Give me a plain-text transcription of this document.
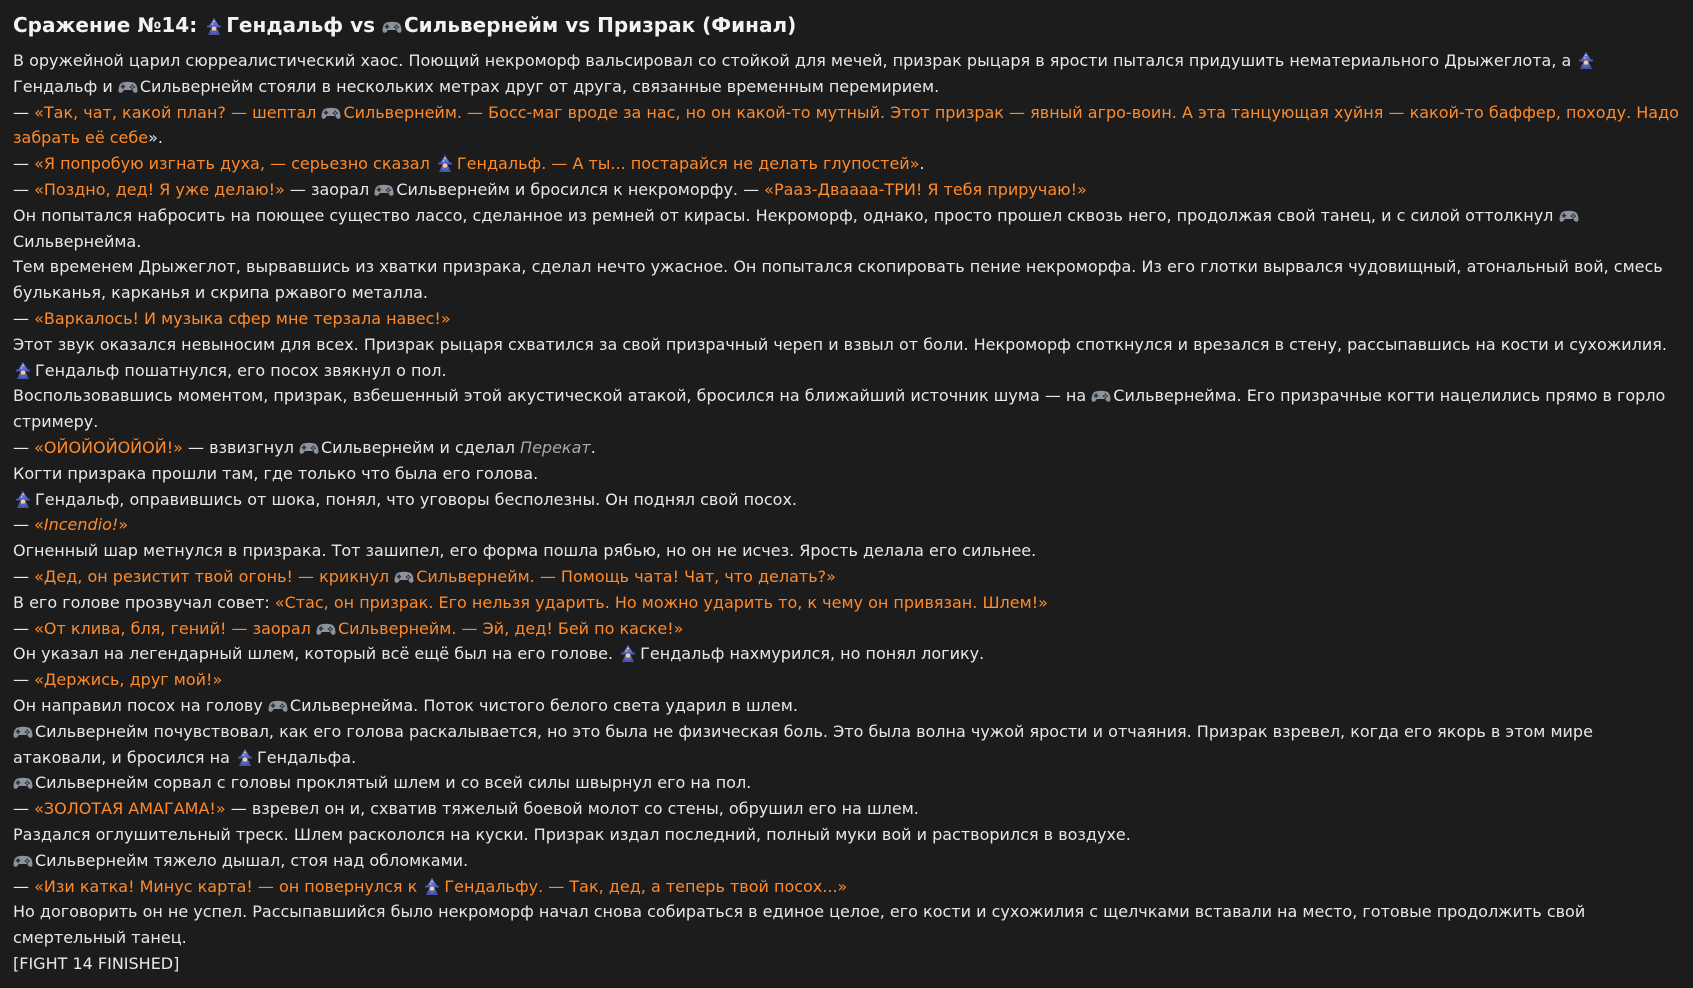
Сражение №14: Гендальф vs Сильвернейм vs Призрак (Финал)

В оружейной царил сюрреалистический хаос. Поющий некроморф вальсировал со стойкой для мечей, призрак рыцаря в ярости пытался придушить нематериального Дрыжеглота, а
Гендальф и
Сильвернейм стояли в нескольких метрах друг от друга, связанные временным перемирием.

— «Так, чат, какой план? — шептал
Сильвернейм. — Босс-маг вроде за нас, но он какой-то мутный. Этот призрак — явный агро-воин. А эта танцующая хуйня — какой-то баффер, походу. Надо забрать её себе».

— «Я попробую изгнать духа, — серьезно сказал
Гендальф. — А ты... постарайся не делать глупостей».

— «Поздно, дед! Я уже делаю!» — заорал
Сильвернейм и бросился к некроморфу. — «Рааз-Дваааа-ТРИ! Я тебя приручаю!»

Он попытался набросить на поющее существо лассо, сделанное из ремней от кирасы. Некроморф, однако, просто прошел сквозь него, продолжая свой танец, и с силой оттолкнул
Сильвернейма.

Тем временем Дрыжеглот, вырвавшись из хватки призрака, сделал нечто ужасное. Он попытался скопировать пение некроморфа. Из его глотки вырвался чудовищный, атональный вой, смесь бульканья, карканья и скрипа ржавого металла.

— «Варкалось! И музыка сфер мне терзала навес!»

Этот звук оказался невыносим для всех. Призрак рыцаря схватился за свой призрачный череп и взвыл от боли. Некроморф споткнулся и врезался в стену, рассыпавшись на кости и сухожилия.
Гендальф пошатнулся, его посох звякнул о пол.

Воспользовавшись моментом, призрак, взбешенный этой акустической атакой, бросился на ближайший источник шума — на
Сильвернейма. Его призрачные когти нацелились прямо в горло стримеру.

— «ОЙОЙОЙОЙОЙ!» — взвизгнул
Сильвернейм и сделал Перекат.

Когти призрака прошли там, где только что была его голова.

Гендальф, оправившись от шока, понял, что уговоры бесполезны. Он поднял свой посох.

— «Incendio!»

Огненный шар метнулся в призрака. Тот зашипел, его форма пошла рябью, но он не исчез. Ярость делала его сильнее.

— «Дед, он резистит твой огонь! — крикнул
Сильвернейм. — Помощь чата! Чат, что делать?»

В его голове прозвучал совет: «Стас, он призрак. Его нельзя ударить. Но можно ударить то, к чему он привязан. Шлем!»

— «От клива, бля, гений! — заорал
Сильвернейм. — Эй, дед! Бей по каске!»

Он указал на легендарный шлем, который всё ещё был на его голове.
Гендальф нахмурился, но понял логику.

— «Держись, друг мой!»

Он направил посох на голову
Сильвернейма. Поток чистого белого света ударил в шлем.

Сильвернейм почувствовал, как его голова раскалывается, но это была не физическая боль. Это была волна чужой ярости и отчаяния. Призрак взревел, когда его якорь в этом мире атаковали, и бросился на
Гендальфа.

Сильвернейм сорвал с головы проклятый шлем и со всей силы швырнул его на пол.

— «ЗОЛОТАЯ АМАГАМА!» — взревел он и, схватив тяжелый боевой молот со стены, обрушил его на шлем.

Раздался оглушительный треск. Шлем раскололся на куски. Призрак издал последний, полный муки вой и растворился в воздухе.

Сильвернейм тяжело дышал, стоя над обломками.

— «Изи катка! Минус карта! — он повернулся к
Гендальфу. — Так, дед, а теперь твой посох...»

Но договорить он не успел. Рассыпавшийся было некроморф начал снова собираться в единое целое, его кости и сухожилия с щелчками вставали на место, готовые продолжить свой смертельный танец.

[FIGHT 14 FINISHED]
